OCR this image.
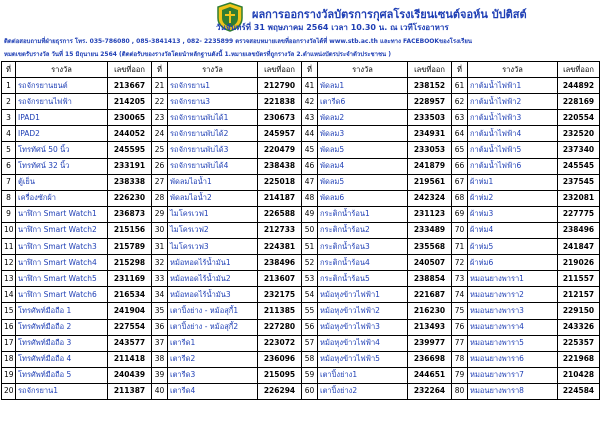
ผลการออกรางวัลบัตรการกุศลโรงเรียนเซนต์จอห์น บัปติสต์
วันจันทร์ที่ 31 พฤษภาคม 2564 เวลา 10.30 น. ณ เวทีโรงอาหาร
ติดต่อสอบถามที่ฝ่ายธุรการ โทร. 035-786080 , 085-3841413 , 082- 2235899 ตรวจสอบหมายเลขที่ออกรางวัลได้ที่ www.stb.ac.th และทาง FACEBOOKของโรงเรียน
หมดเขตรับรางวัล วันที่ 15 มิถุนายน 2564 (ติดต่อรับของรางวัลโดยนำหลักฐานดังนี้ 1.หมายเลขบัตรที่ถูกรางวัล 2.ตำแหน่งบัตรประจำตัวประชาชน )
ที่	รางวัล	เลขที่ออก	ที่	รางวัล	เลขที่ออก	ที่	รางวัล	เลขที่ออก	ที่	รางวัล	เลขที่ออก
1	รถจักรยานยนต์	213667	21	รถจักรยาน1	212790	41	พัดลม1	238152	61	กาต้มน้ำไฟฟ้า1	244892
2	รถจักรยานไฟฟ้า	214205	22	รถจักรยาน3	221838	42	เตารีด6	228957	62	กาต้มน้ำไฟฟ้า2	228169
3	IPAD1	230065	23	รถจักรยานพับได้1	230673	43	พัดลม2	233503	63	กาต้มน้ำไฟฟ้า3	220554
4	IPAD2	244052	24	รถจักรยานพับได้2	245957	44	พัดลม3	234931	64	กาต้มน้ำไฟฟ้า4	232520
5	โทรทัศน์ 50 นิ้ว	245595	25	รถจักรยานพับได้3	220479	45	พัดลม5	233053	65	กาต้มน้ำไฟฟ้า5	237340
6	โทรทัศน์ 32 นิ้ว	233191	26	รถจักรยานพับได้4	238438	46	พัดลม4	241879	66	กาต้มน้ำไฟฟ้า6	245545
7	ตู้เย็น	238338	27	พัดลมไอน้ำ1	225018	47	พัดลม5	219561	67	ผ้าห่ม1	237545
8	เครื่องซักผ้า	226230	28	พัดลมไอน้ำ2	214187	48	พัดลม6	242324	68	ผ้าห่ม2	232081
9	นาฬิกา Smart Watch1	236873	29	ไมโครเวฟ1	226588	49	กระติกน้ำร้อน1	231123	69	ผ้าห่ม3	227775
10	นาฬิกา Smart Watch2	215156	30	ไมโครเวฟ2	212733	50	กระติกน้ำร้อน2	233489	70	ผ้าห่ม4	238496
11	นาฬิกา Smart Watch3	215789	31	ไมโครเวฟ3	224381	51	กระติกน้ำร้อน3	235568	71	ผ้าห่ม5	241847
12	นาฬิกา Smart Watch4	215298	32	หม้อทอดไร้น้ำมัน1	238496	52	กระติกน้ำร้อน4	240507	72	ผ้าห่ม6	219026
13	นาฬิกา Smart Watch5	231169	33	หม้อทอดไร้น้ำมัน2	213607	53	กระติกน้ำร้อน5	238854	73	หมอนยางพารา1	211557
14	นาฬิกา Smart Watch6	216534	34	หม้อทอดไร้น้ำมัน3	232175	54	หม้อหุงข้าวไฟฟ้า1	221687	74	หมอนยางพารา2	212157
15	โทรศัพท์มือถือ 1	241904	35	เตาปิ้งย่าง - หม้อสุกี้1	211385	55	หม้อหุงข้าวไฟฟ้า2	216230	75	หมอนยางพารา3	229150
16	โทรศัพท์มือถือ 2	227554	36	เตาปิ้งย่าง - หม้อสุกี้2	227280	56	หม้อหุงข้าวไฟฟ้า3	213493	76	หมอนยางพารา4	243326
17	โทรศัพท์มือถือ 3	243577	37	เตารีด1	223072	57	หม้อหุงข้าวไฟฟ้า4	239977	77	หมอนยางพารา5	225357
18	โทรศัพท์มือถือ 4	211418	38	เตารีด2	236096	58	หม้อหุงข้าวไฟฟ้า5	236698	78	หมอนยางพารา6	221968
19	โทรศัพท์มือถือ 5	240439	39	เตารีด3	215095	59	เตาปิ้งย่าง1	244651	79	หมอนยางพารา7	210428
20	รถจักรยาน1	211387	40	เตารีด4	226294	60	เตาปิ้งย่าง2	232264	80	หมอนยางพารา8	224584
